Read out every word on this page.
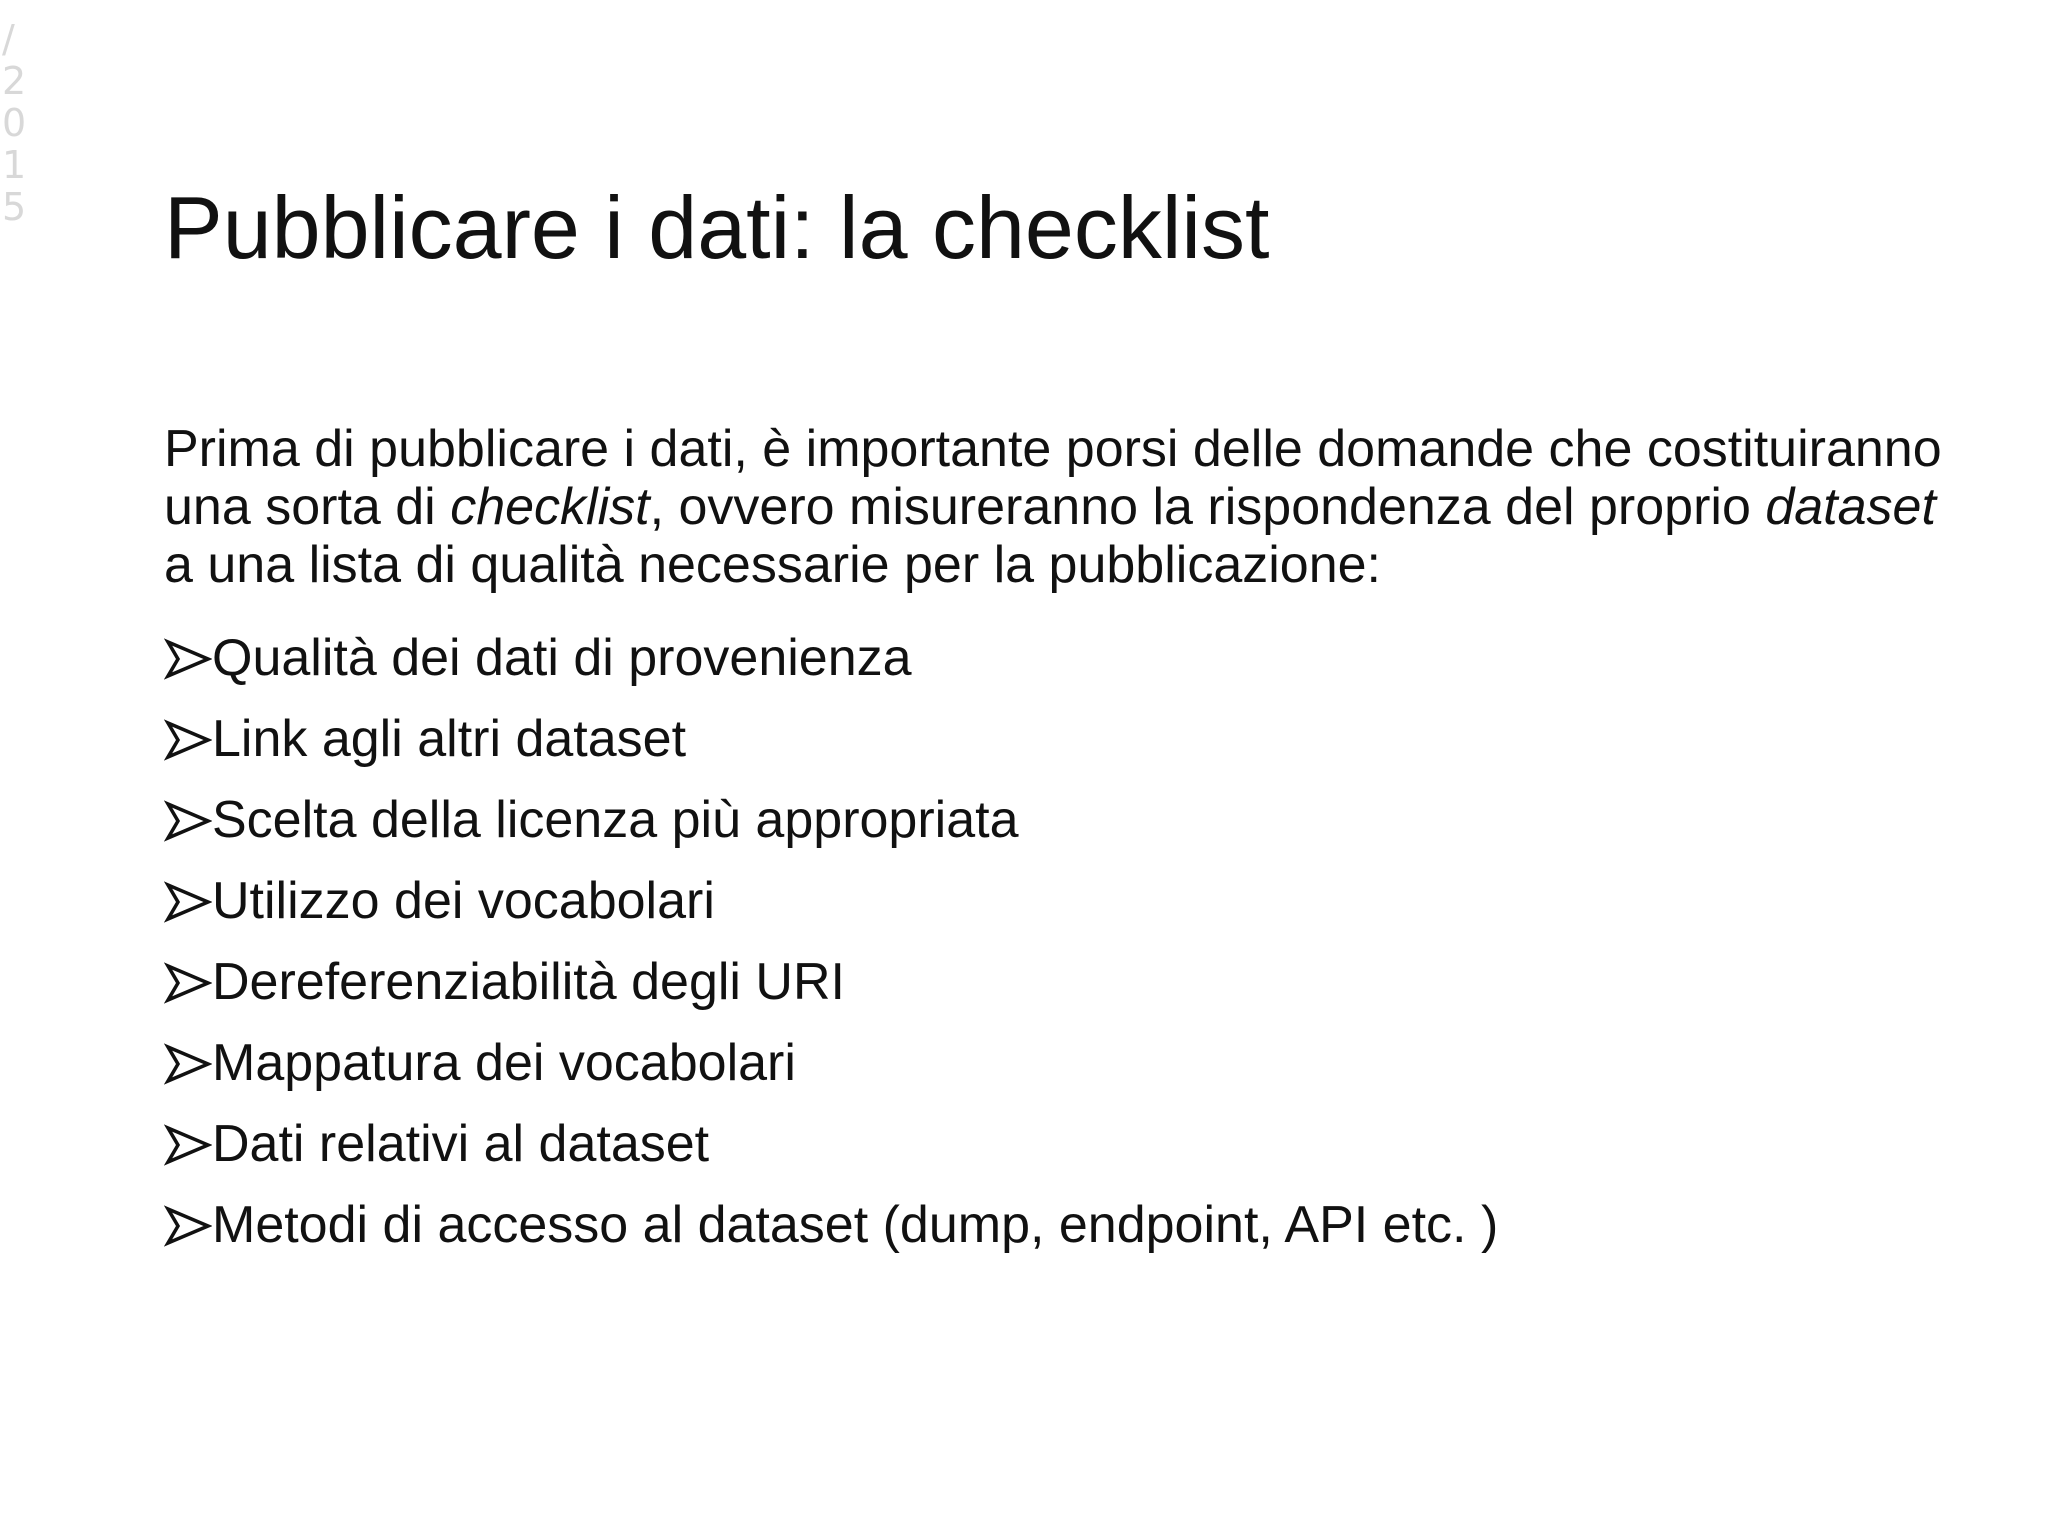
/
2
0
1
5 Pubblicare i dati: la checklist

Prima di pubblicare i dati, è importante porsi delle domande che costituiranno una sorta di checklist, ovvero misureranno la rispondenza del proprio dataset a una lista di qualità necessarie per la pubblicazione:

Qualità dei dati di provenienza
Link agli altri dataset
Scelta della licenza più appropriata
Utilizzo dei vocabolari
Dereferenziabilità degli URI
Mappatura dei vocabolari
Dati relativi al dataset
Metodi di accesso al dataset (dump, endpoint, API etc. )
